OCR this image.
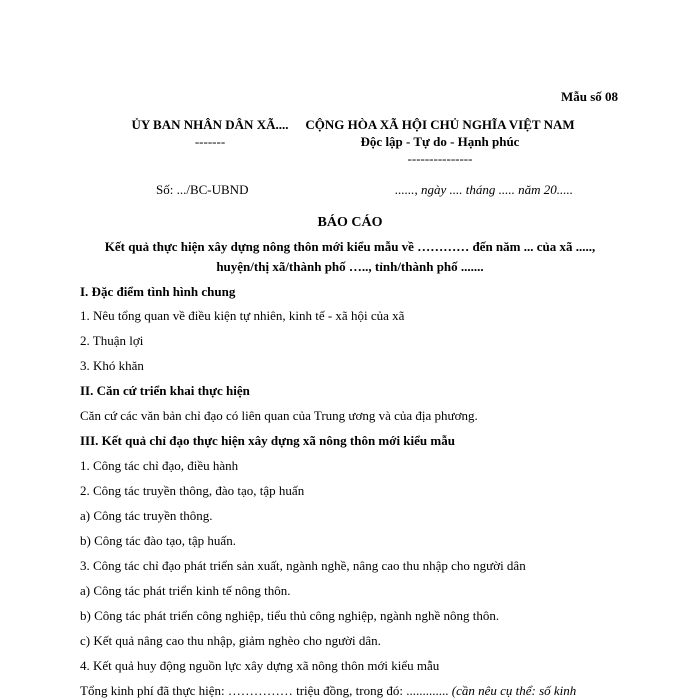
Mẫu số 08
ỦY BAN NHÂN DÂN XÃ....
-------
CỘNG HÒA XÃ HỘI CHỦ NGHĨA VIỆT NAM
Độc lập - Tự do - Hạnh phúc
---------------
Số: .../BC-UBND	......, ngày .... tháng ..... năm 20.....
BÁO CÁO
Kết quả thực hiện xây dựng nông thôn mới kiểu mẫu về ………… đến năm ... của xã .....,
huyện/thị xã/thành phố ….., tỉnh/thành phố .......
I. Đặc điểm tình hình chung
1. Nêu tổng quan về điều kiện tự nhiên, kinh tế - xã hội của xã
2. Thuận lợi
3. Khó khăn
II. Căn cứ triển khai thực hiện
Căn cứ các văn bản chỉ đạo có liên quan của Trung ương và của địa phương.
III. Kết quả chỉ đạo thực hiện xây dựng xã nông thôn mới kiểu mẫu
1. Công tác chỉ đạo, điều hành
2. Công tác truyền thông, đào tạo, tập huấn
a) Công tác truyền thông.
b) Công tác đào tạo, tập huấn.
3. Công tác chỉ đạo phát triển sản xuất, ngành nghề, nâng cao thu nhập cho người dân
a) Công tác phát triển kinh tế nông thôn.
b) Công tác phát triển công nghiệp, tiểu thủ công nghiệp, ngành nghề nông thôn.
c) Kết quả nâng cao thu nhập, giảm nghèo cho người dân.
4. Kết quả huy động nguồn lực xây dựng xã nông thôn mới kiểu mẫu
Tổng kinh phí đã thực hiện: …………… triệu đồng, trong đó: ............. (cần nêu cụ thể: số kinh
